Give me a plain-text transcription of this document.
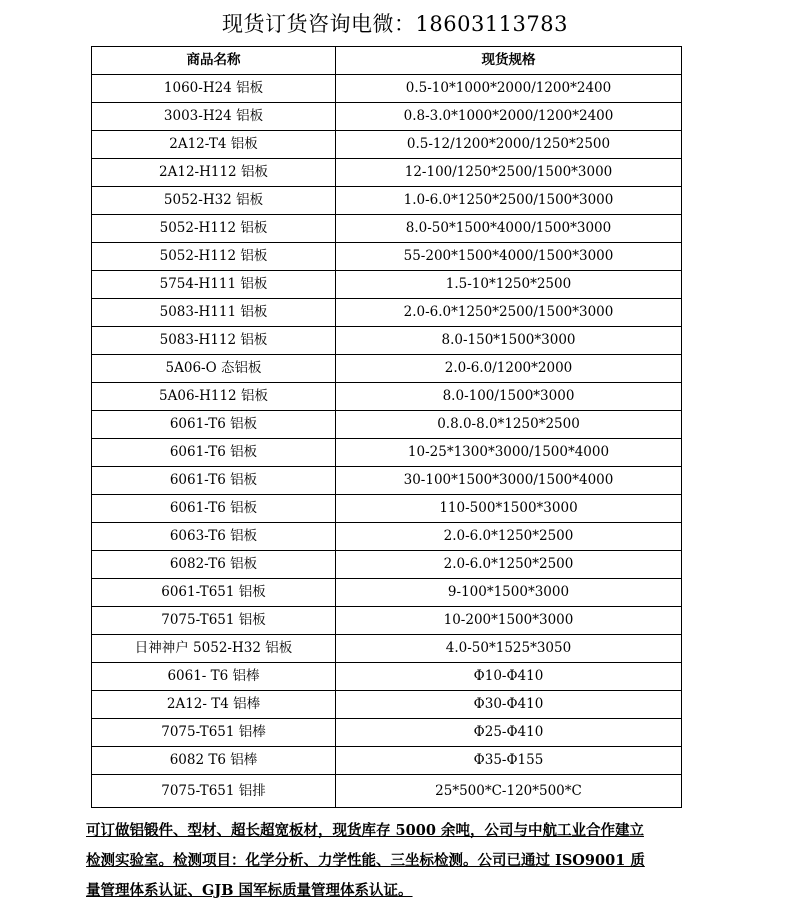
现货订货咨询电微：18603113783
商品名称	现货规格
1060-H24 铝板	0.5-10*1000*2000/1200*2400
3003-H24 铝板	0.8-3.0*1000*2000/1200*2400
2A12-T4 铝板	0.5-12/1200*2000/1250*2500
2A12-H112 铝板	12-100/1250*2500/1500*3000
5052-H32 铝板	1.0-6.0*1250*2500/1500*3000
5052-H112 铝板	8.0-50*1500*4000/1500*3000
5052-H112 铝板	55-200*1500*4000/1500*3000
5754-H111 铝板	1.5-10*1250*2500
5083-H111 铝板	2.0-6.0*1250*2500/1500*3000
5083-H112 铝板	8.0-150*1500*3000
5A06-O 态铝板	2.0-6.0/1200*2000
5A06-H112 铝板	8.0-100/1500*3000
6061-T6 铝板	0.8.0-8.0*1250*2500
6061-T6 铝板	10-25*1300*3000/1500*4000
6061-T6 铝板	30-100*1500*3000/1500*4000
6061-T6 铝板	110-500*1500*3000
6063-T6 铝板	2.0-6.0*1250*2500
6082-T6 铝板	2.0-6.0*1250*2500
6061-T651 铝板	9-100*1500*3000
7075-T651 铝板	10-200*1500*3000
日神神户 5052-H32 铝板	4.0-50*1525*3050
6061- T6 铝棒	Φ10-Φ410
2A12- T4 铝棒	Φ30-Φ410
7075-T651 铝棒	Φ25-Φ410
6082 T6 铝棒	Φ35-Φ155
7075-T651 铝排	25*500*C-120*500*C

可订做铝锻件、型材、超长超宽板材，现货库存 5000 余吨，公司与中航工业合作建立

检测实验室。检测项目：化学分析、力学性能、三坐标检测。公司已通过 ISO9001 质

量管理体系认证、GJB 国军标质量管理体系认证。
